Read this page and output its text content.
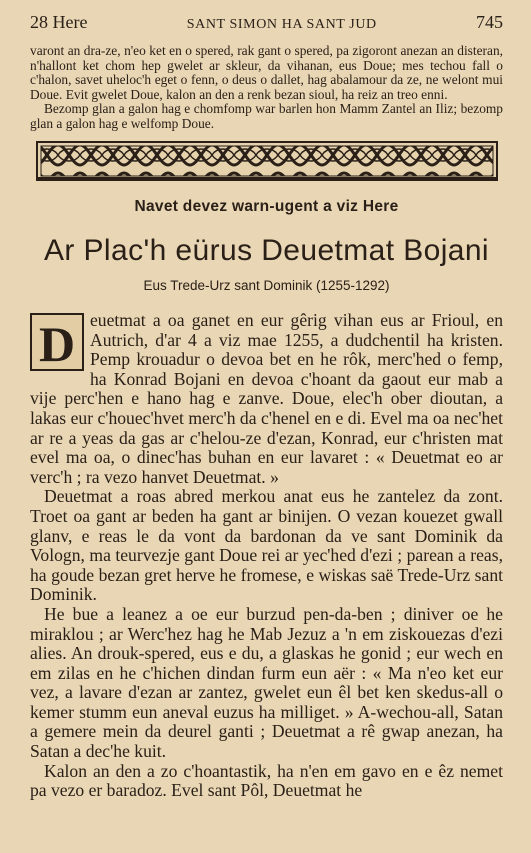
28 Here	SANT SIMON HA SANT JUD	745

varont an dra-ze, n'eo ket en o spered, rak gant o spered, pa zigoront anezan an disteran, n'hallont ket chom hep gwelet ar skleur, da vihanan, eus Doue; mes techou fall o c'halon, savet uheloc'h eget o fenn, o deus o dallet, hag abalamour da ze, ne welont mui Doue. Evit gwelet Doue, kalon an den a renk bezan sioul, ha reiz an treo enni.

Bezomp glan a galon hag e chomfomp war barlen hon Mamm Zantel an Iliz; bezomp glan a galon hag e welfomp Doue.

Navet devez warn-ugent a viz Here
Ar Plac'h eürus Deuetmat Bojani
Eus Trede-Urz sant Dominik (1255-1292)
D euetmat a oa ganet en eur gêrig vihan eus ar Frioul, en Autrich, d'ar 4 a viz mae 1255, a dudchentil ha kristen. Pemp krouadur o devoa bet en he rôk, merc'hed o femp, ha Konrad Bojani en devoa c'hoant da gaout eur mab a vije perc'hen e hano hag e zanve. Doue, elec'h ober dioutan, a lakas eur c'houec'hvet merc'h da c'henel en e di. Evel ma oa nec'het ar re a yeas da gas ar c'helou-ze d'ezan, Konrad, eur c'hristen mat evel ma oa, o dinec'has buhan en eur lavaret : « Deuetmat eo ar verc'h ; ra vezo hanvet Deuetmat. »

Deuetmat a roas abred merkou anat eus he zantelez da zont. Troet oa gant ar beden ha gant ar binijen. O vezan kouezet gwall glanv, e reas le da vont da bardonan da ve sant Dominik da Vologn, ma teurvezje gant Doue rei ar yec'hed d'ezi ; parean a reas, ha goude bezan gret herve he fromese, e wiskas saë Trede-Urz sant Dominik.

He bue a leanez a oe eur burzud pen-da-ben ; diniver oe he miraklou ; ar Werc'hez hag he Mab Jezuz a 'n em ziskouezas d'ezi alies. An drouk-spered, eus e du, a glaskas he gonid ; eur wech en em zilas en he c'hichen dindan furm eun aër : « Ma n'eo ket eur vez, a lavare d'ezan ar zantez, gwelet eun êl bet ken skedus-all o kemer stumm eun aneval euzus ha milliget. » A-wechou-all, Satan a gemere mein da deurel ganti ; Deuetmat a rê gwap anezan, ha Satan a dec'he kuit.

Kalon an den a zo c'hoantastik, ha n'en em gavo en e êz nemet pa vezo er baradoz. Evel sant Pôl, Deuetmat he
